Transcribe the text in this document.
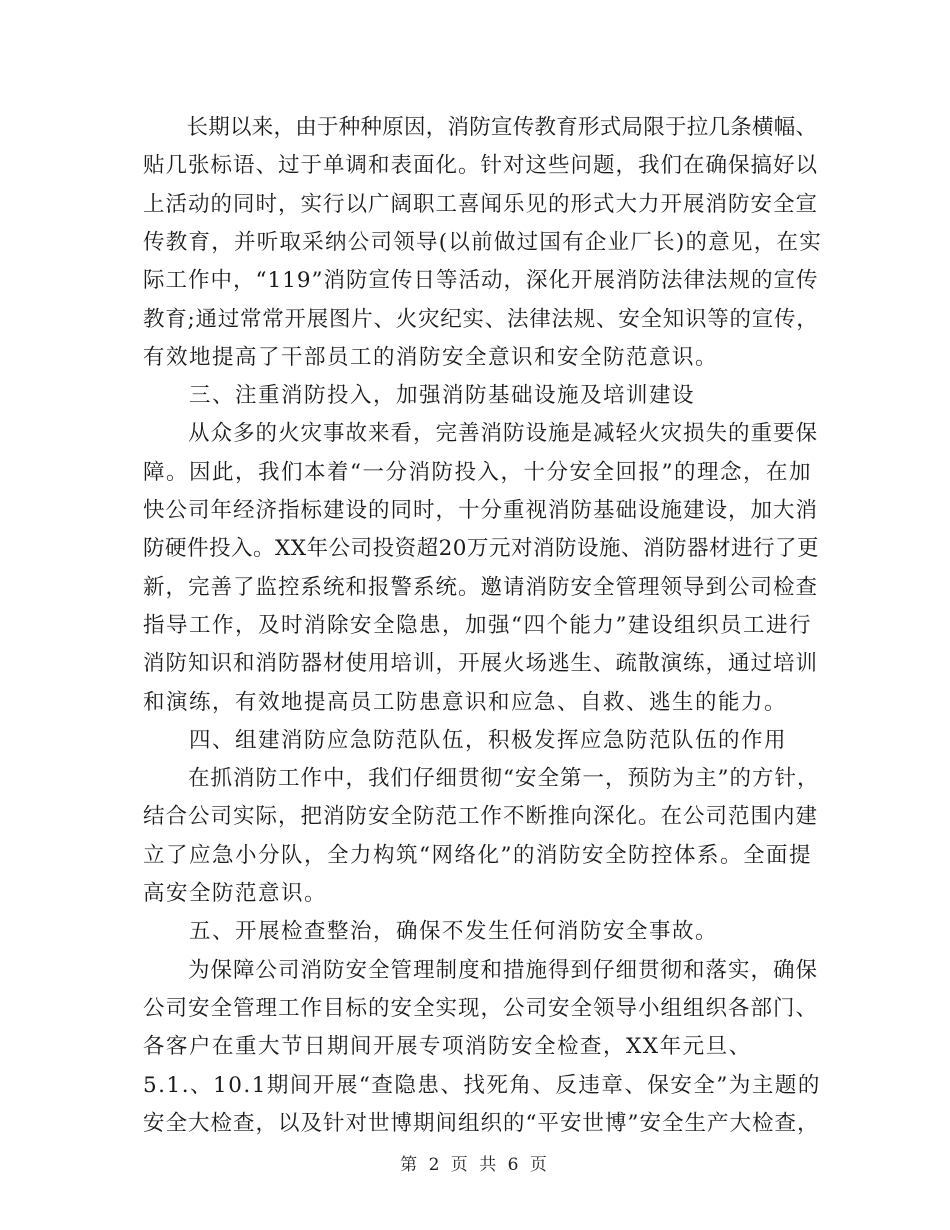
　　长期以来，由于种种原因，消防宣传教育形式局限于拉几条横幅、
贴几张标语、过于单调和表面化。针对这些问题，我们在确保搞好以
上活动的同时，实行以广阔职工喜闻乐见的形式大力开展消防安全宣
传教育，并听取采纳公司领导(以前做过国有企业厂长)的意见，在实
际工作中，“119”消防宣传日等活动，深化开展消防法律法规的宣传
教育;通过常常开展图片、火灾纪实、法律法规、安全知识等的宣传，
有效地提高了干部员工的消防安全意识和安全防范意识。
　　三、注重消防投入，加强消防基础设施及培训建设
　　从众多的火灾事故来看，完善消防设施是减轻火灾损失的重要保
障。因此，我们本着“一分消防投入，十分安全回报”的理念，在加
快公司年经济指标建设的同时，十分重视消防基础设施建设，加大消
防硬件投入。XX年公司投资超20万元对消防设施、消防器材进行了更
新，完善了监控系统和报警系统。邀请消防安全管理领导到公司检查
指导工作，及时消除安全隐患，加强“四个能力”建设组织员工进行
消防知识和消防器材使用培训，开展火场逃生、疏散演练，通过培训
和演练，有效地提高员工防患意识和应急、自救、逃生的能力。
　　四、组建消防应急防范队伍，积极发挥应急防范队伍的作用
　　在抓消防工作中，我们仔细贯彻“安全第一，预防为主”的方针，
结合公司实际，把消防安全防范工作不断推向深化。在公司范围内建
立了应急小分队，全力构筑“网络化”的消防安全防控体系。全面提
高安全防范意识。
　　五、开展检查整治，确保不发生任何消防安全事故。
　　为保障公司消防安全管理制度和措施得到仔细贯彻和落实，确保
公司安全管理工作目标的安全实现，公司安全领导小组组织各部门、
各客户在重大节日期间开展专项消防安全检查，XX年元旦、
5.1.、10.1期间开展“查隐患、找死角、反违章、保安全”为主题的
安全大检查，以及针对世博期间组织的“平安世博”安全生产大检查，
第 2 页 共 6 页
